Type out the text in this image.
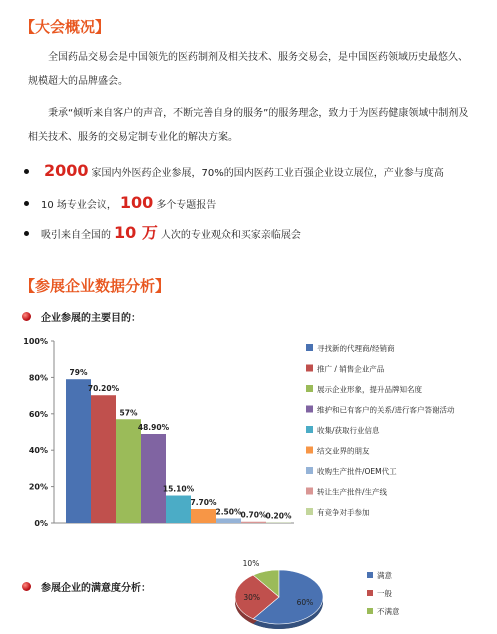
【大会概况】
全国药品交易会是中国领先的医药制剂及相关技术、服务交易会，是中国医药领域历史最悠久、规模超大的品牌盛会。
秉承“倾听来自客户的声音，不断完善自身的服务”的服务理念，致力于为医药健康领域中制剂及相关技术、服务的交易定制专业化的解决方案。
2000 家国内外医药企业参展，70%的国内医药工业百强企业设立展位，产业参与度高
10 场专业会议， 100 多个专题报告
吸引来自全国的 10 万 人次的专业观众和买家亲临展会
【参展企业数据分析】
企业参展的主要目的：
0%
20%
40%
60%
80%
100%
79%
70.20%
57%
48.90%
15.10%
7.70%
2.50%
0.70%
0.20%
寻找新的代理商/经销商
推广 / 销售企业产品
展示企业形象，提升品牌知名度
维护和已有客户的关系/进行客户答谢活动
收集/获取行业信息
结交业界的朋友
收购生产批件/OEM代工
转让生产批件/生产线
有竞争对手参加
参展企业的满意度分析：
10%
60%
30%
满意
一般
不满意
